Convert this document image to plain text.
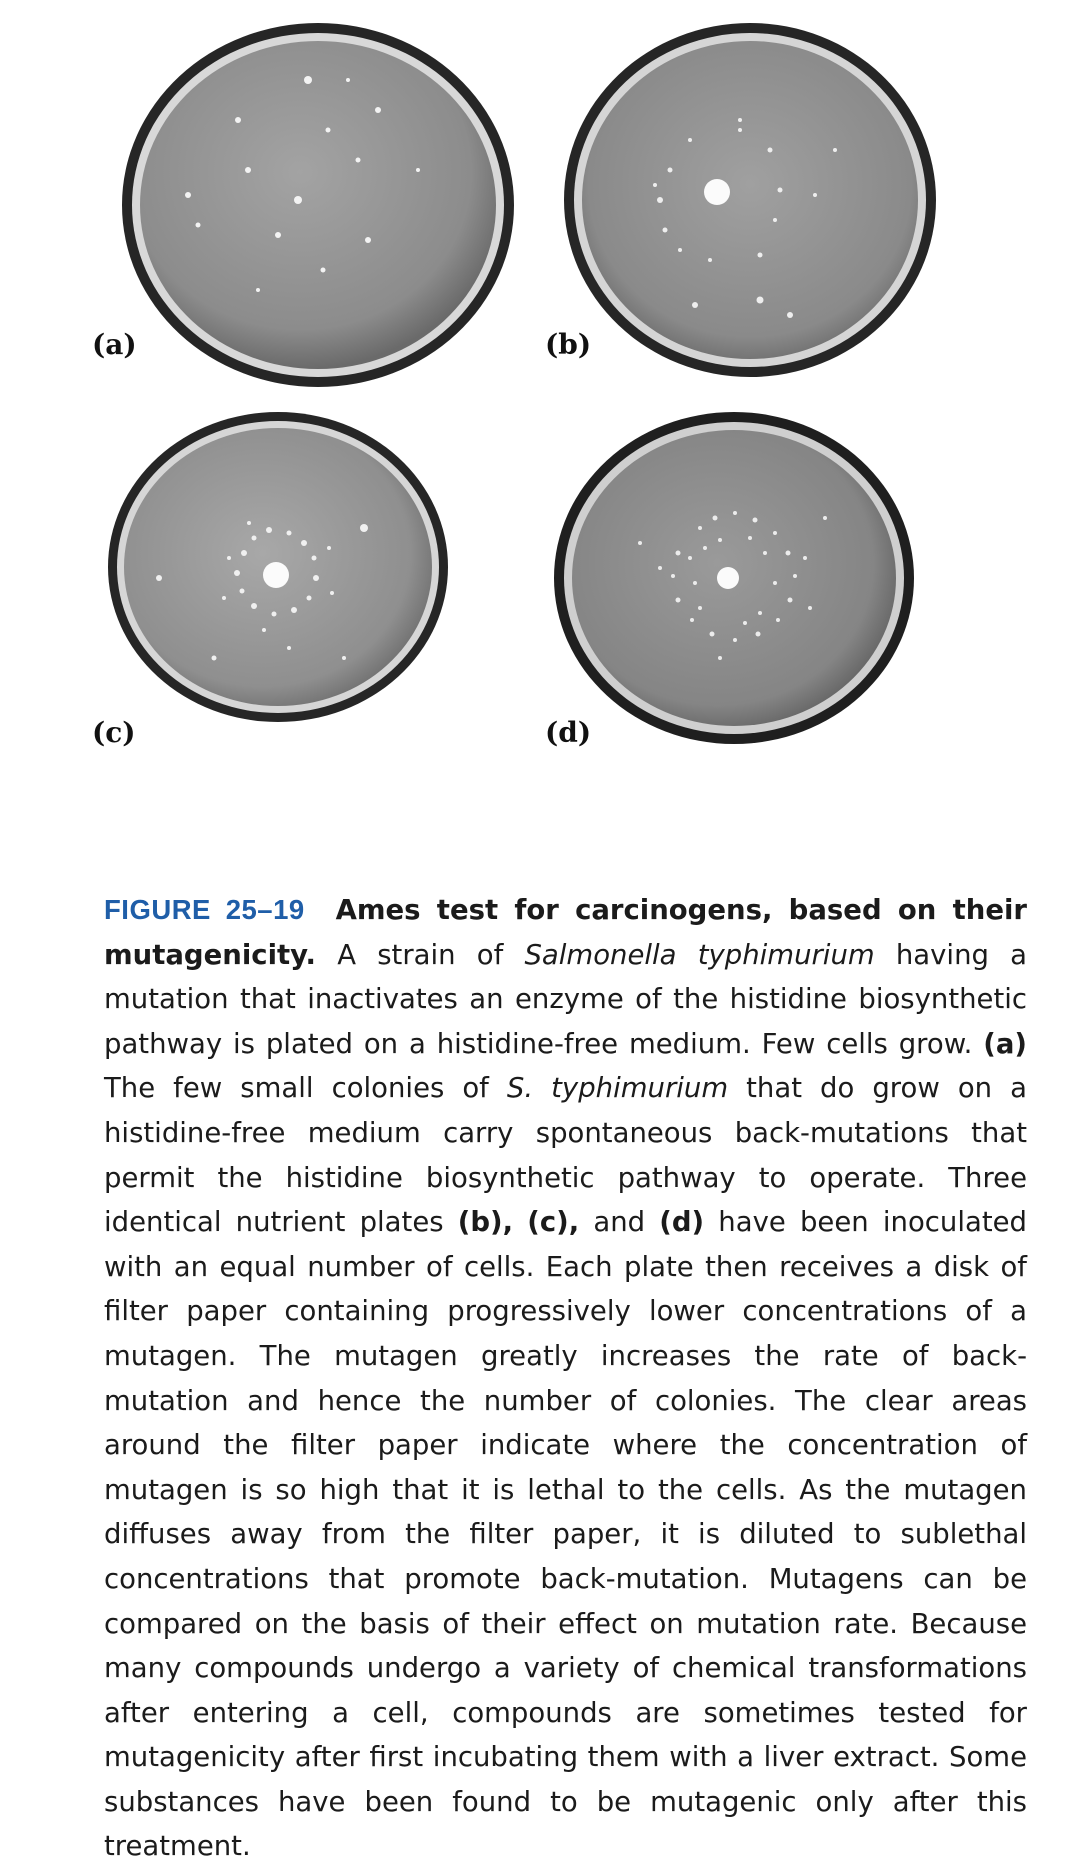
(a)	(b)
(c)	(d)
FIGURE 25–19 Ames test for carcinogens, based on their mutagenicity. A strain of Salmonella typhimurium having a mutation that inactivates an enzyme of the histidine biosynthetic pathway is plated on a histidine-free medium. Few cells grow. (a) The few small colonies of S. typhimurium that do grow on a histidine-free medium carry spontaneous back-mutations that permit the histidine biosynthetic pathway to operate. Three identical nutrient plates (b), (c), and (d) have been inoculated with an equal number of cells. Each plate then receives a disk of filter paper containing progressively lower concentrations of a mutagen. The mutagen greatly increases the rate of back-mutation and hence the number of colonies. The clear areas around the filter paper indicate where the concentration of mutagen is so high that it is lethal to the cells. As the mutagen diffuses away from the filter paper, it is diluted to sublethal concentrations that promote back-mutation. Mutagens can be compared on the basis of their effect on mutation rate. Because many compounds undergo a variety of chemical transformations after entering a cell, compounds are sometimes tested for mutagenicity after first incubating them with a liver extract. Some substances have been found to be mutagenic only after this treatment.
